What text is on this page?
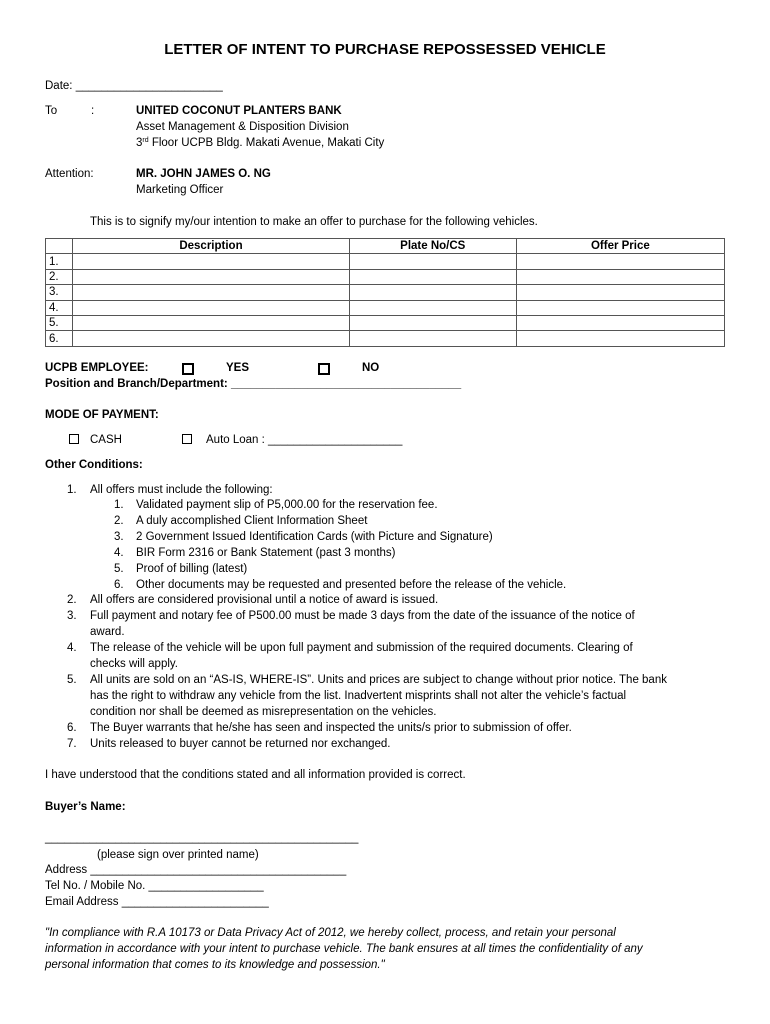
LETTER OF INTENT TO PURCHASE REPOSSESSED VEHICLE
Date: _______________________
To	:	UNITED COCONUT PLANTERS BANK
Asset Management & Disposition Division
3rd Floor UCPB Bldg. Makati Avenue, Makati City
Attention:	MR. JOHN JAMES O. NG
Marketing Officer
This is to signify my/our intention to make an offer to purchase for the following vehicles.
	Description	Plate No/CS	Offer Price
1.			
2.			
3.			
4.			
5.			
6.			
UCPB EMPLOYEE:	YES	NO
Position and Branch/Department: ____________________________________
MODE OF PAYMENT:
CASH	Auto Loan : _____________________
Other Conditions:
1. All offers must include the following:
1. Validated payment slip of P5,000.00 for the reservation fee.
2. A duly accomplished Client Information Sheet
3. 2 Government Issued Identification Cards (with Picture and Signature)
4. BIR Form 2316 or Bank Statement (past 3 months)
5. Proof of billing (latest)
6. Other documents may be requested and presented before the release of the vehicle.
2. All offers are considered provisional until a notice of award is issued.
3. Full payment and notary fee of P500.00 must be made 3 days from the date of the issuance of the notice of
award.
4. The release of the vehicle will be upon full payment and submission of the required documents. Clearing of
checks will apply.
5. All units are sold on an “AS-IS, WHERE-IS”. Units and prices are subject to change without prior notice. The bank
has the right to withdraw any vehicle from the list. Inadvertent misprints shall not alter the vehicle’s factual
condition nor shall be deemed as misrepresentation on the vehicles.
6. The Buyer warrants that he/she has seen and inspected the units/s prior to submission of offer.
7. Units released to buyer cannot be returned nor exchanged.
I have understood that the conditions stated and all information provided is correct.
Buyer’s Name:
_________________________________________________
(please sign over printed name)
Address ________________________________________
Tel No. / Mobile No. __________________
Email Address _______________________
"In compliance with R.A 10173 or Data Privacy Act of 2012, we hereby collect, process, and retain your personal
information in accordance with your intent to purchase vehicle. The bank ensures at all times the confidentiality of any
personal information that comes to its knowledge and possession."
